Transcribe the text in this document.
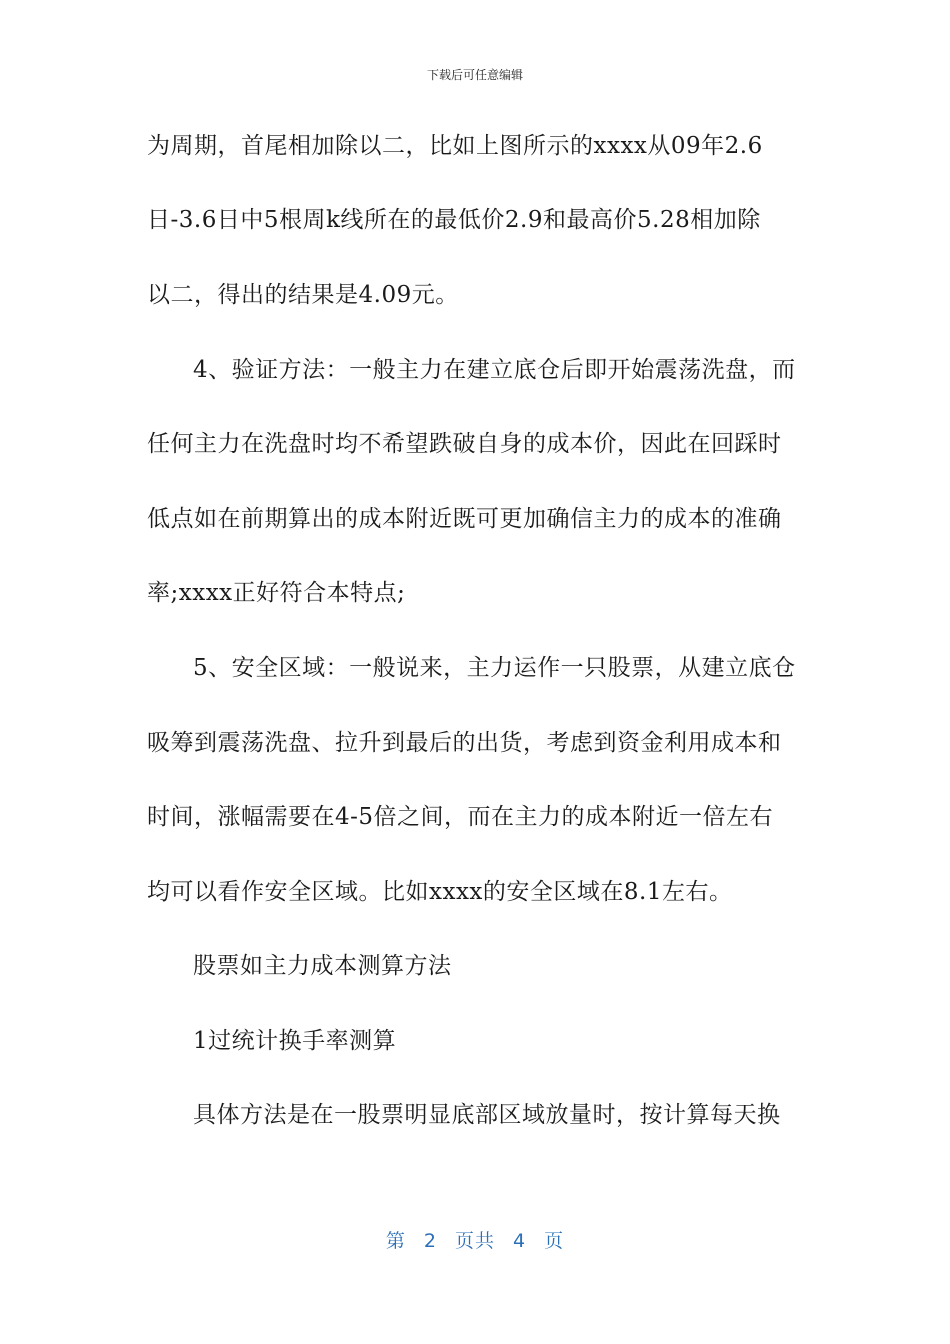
下载后可任意编辑
为周期，首尾相加除以二，比如上图所示的xxxx从09年2.6
日-3.6日中5根周k线所在的最低价2.9和最高价5.28相加除
以二，得出的结果是4.09元。
4、验证方法：一般主力在建立底仓后即开始震荡洗盘，而
任何主力在洗盘时均不希望跌破自身的成本价，因此在回踩时
低点如在前期算出的成本附近既可更加确信主力的成本的准确
率;xxxx正好符合本特点;
5、安全区域：一般说来，主力运作一只股票，从建立底仓
吸筹到震荡洗盘、拉升到最后的出货，考虑到资金利用成本和
时间，涨幅需要在4-5倍之间，而在主力的成本附近一倍左右
均可以看作安全区域。比如xxxx的安全区域在8.1左右。
股票如主力成本测算方法
1过统计换手率测算
具体方法是在一股票明显底部区域放量时，按计算每天换
第 2 页共 4 页
